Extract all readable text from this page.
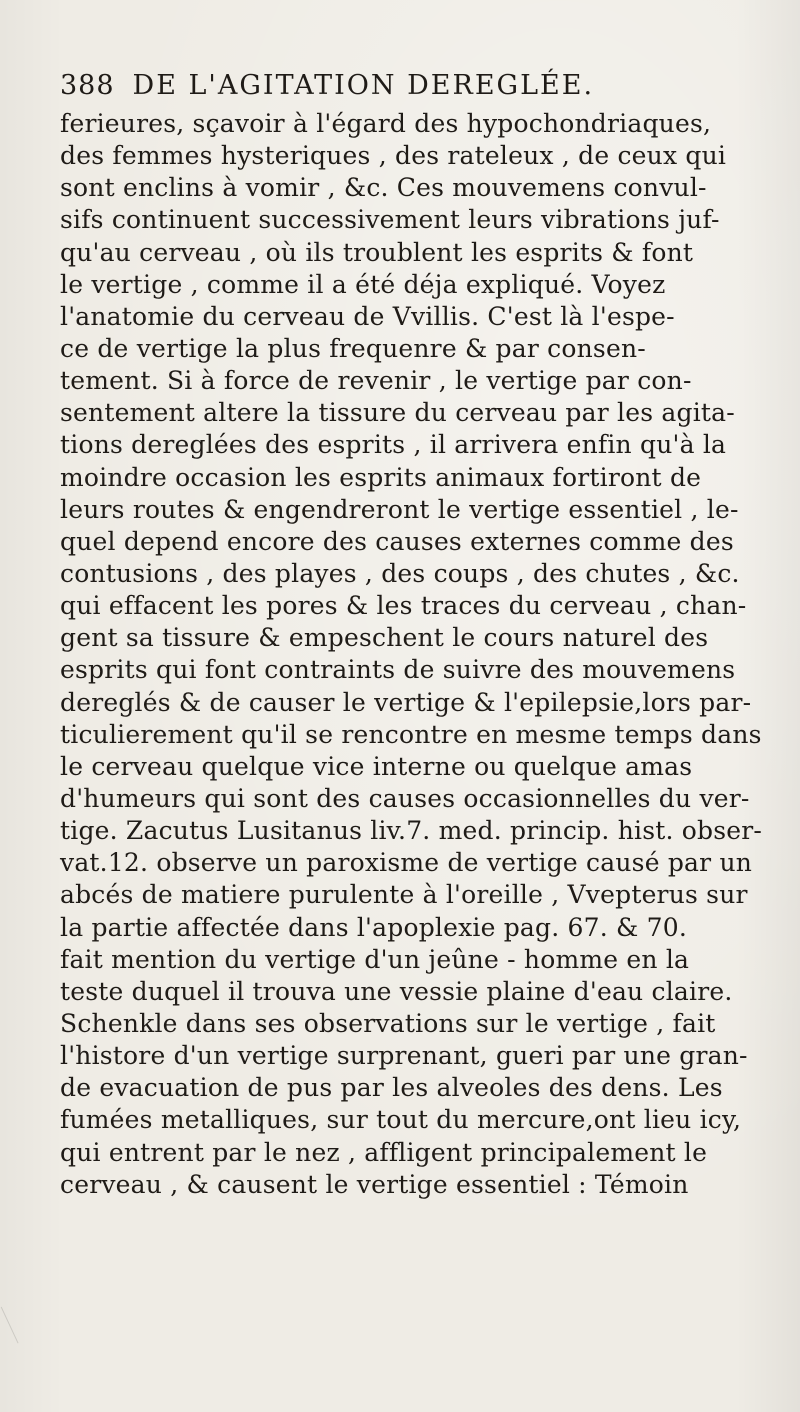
388 DE L'AGITATION DEREGLÉE.
ferieures, sçavoir à l'égard des hypochondriaques,
des femmes hysteriques , des rateleux , de ceux qui
sont enclins à vomir , &c. Ces mouvemens convul-
sifs continuent successivement leurs vibrations juf-
qu'au cerveau , où ils troublent les esprits & font
le vertige , comme il a été déja expliqué. Voyez
l'anatomie du cerveau de Vvillis. C'est là l'espe-
ce de vertige la plus frequenre & par consen-
tement. Si à force de revenir , le vertige par con-
sentement altere la tissure du cerveau par les agita-
tions dereglées des esprits , il arrivera enfin qu'à la
moindre occasion les esprits animaux fortiront de
leurs routes & engendreront le vertige essentiel , le-
quel depend encore des causes externes comme des
contusions , des playes , des coups , des chutes , &c.
qui effacent les pores & les traces du cerveau , chan-
gent sa tissure & empeschent le cours naturel des
esprits qui font contraints de suivre des mouvemens
dereglés & de causer le vertige & l'epilepsie,lors par-
ticulierement qu'il se rencontre en mesme temps dans
le cerveau quelque vice interne ou quelque amas
d'humeurs qui sont des causes occasionnelles du ver-
tige. Zacutus Lusitanus liv.7. med. princip. hist. obser-
vat.12. observe un paroxisme de vertige causé par un
abcés de matiere purulente à l'oreille , Vvepterus sur
la partie affectée dans l'apoplexie pag. 67. & 70.
fait mention du vertige d'un jeûne - homme en la
teste duquel il trouva une vessie plaine d'eau claire.
Schenkle dans ses observations sur le vertige , fait
l'histore d'un vertige surprenant, gueri par une gran-
de evacuation de pus par les alveoles des dens. Les
fumées metalliques, sur tout du mercure,ont lieu icy,
qui entrent par le nez , affligent principalement le
cerveau , & causent le vertige essentiel : Témoin
